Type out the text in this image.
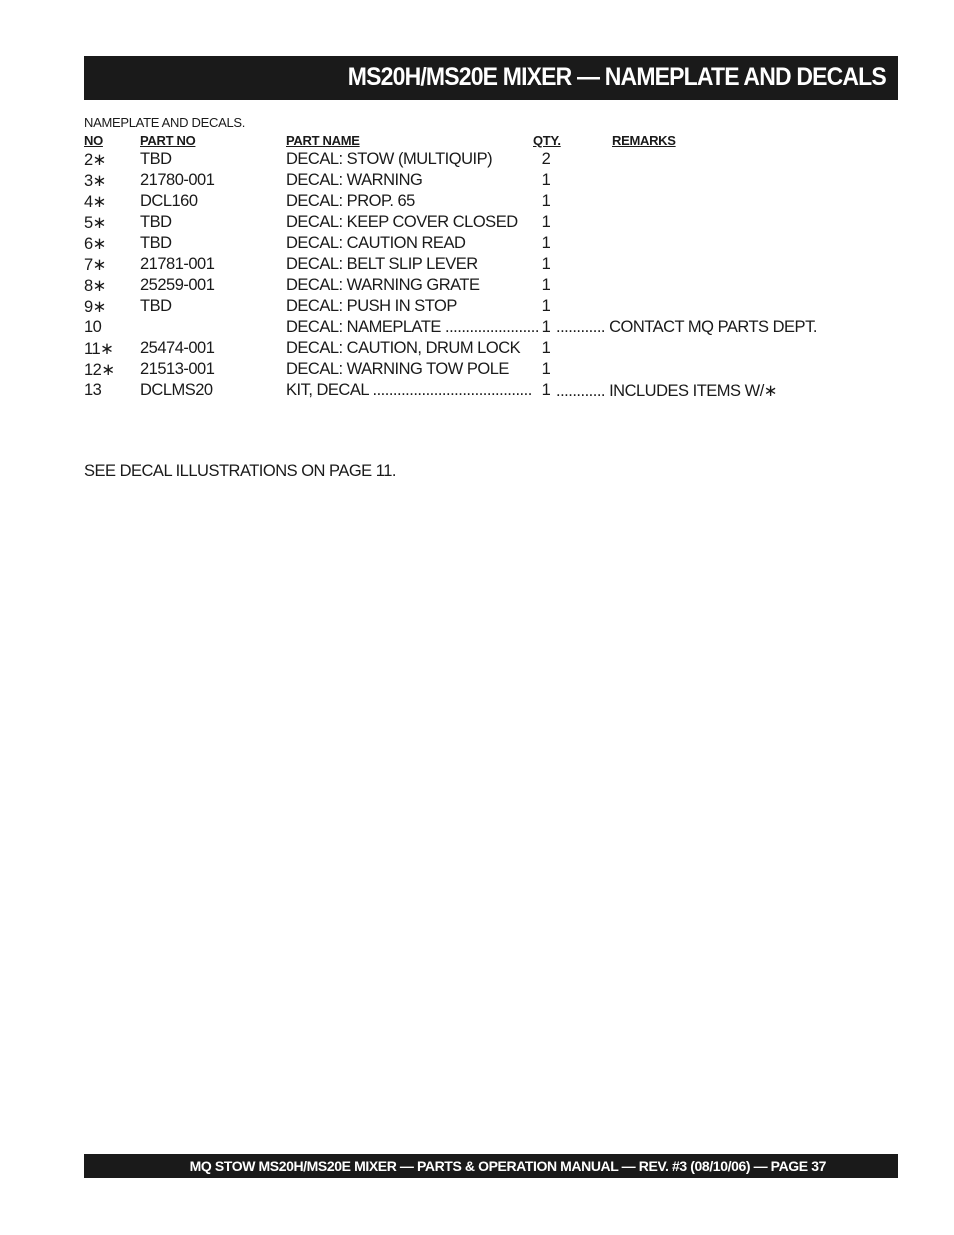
MS20H/MS20E MIXER — NAMEPLATE AND DECALS
NAMEPLATE AND DECALS.
NO	PART NO	PART NAME	QTY.	REMARKS
2∗ TBD	DECAL: STOW (MULTIQUIP)	2
3∗ 21780-001	DECAL: WARNING	1
4∗ DCL160	DECAL: PROP. 65	1
5∗ TBD	DECAL: KEEP COVER CLOSED	1
6∗ TBD	DECAL: CAUTION READ	1
7∗ 21781-001	DECAL: BELT SLIP LEVER	1
8∗ 25259-001	DECAL: WARNING GRATE	1
9∗ TBD	DECAL: PUSH IN STOP	1
10	DECAL: NAMEPLATE ....................... 1 ............ CONTACT MQ PARTS DEPT.
11∗ 25474-001	DECAL: CAUTION, DRUM LOCK	1
12∗ 21513-001	DECAL: WARNING TOW POLE	1
13 DCLMS20	KIT, DECAL ....................................... 1 ............ INCLUDES ITEMS W/∗
SEE DECAL ILLUSTRATIONS ON PAGE 11.
MQ STOW MS20H/MS20E MIXER — PARTS & OPERATION MANUAL — REV. #3 (08/10/06) — PAGE 37
